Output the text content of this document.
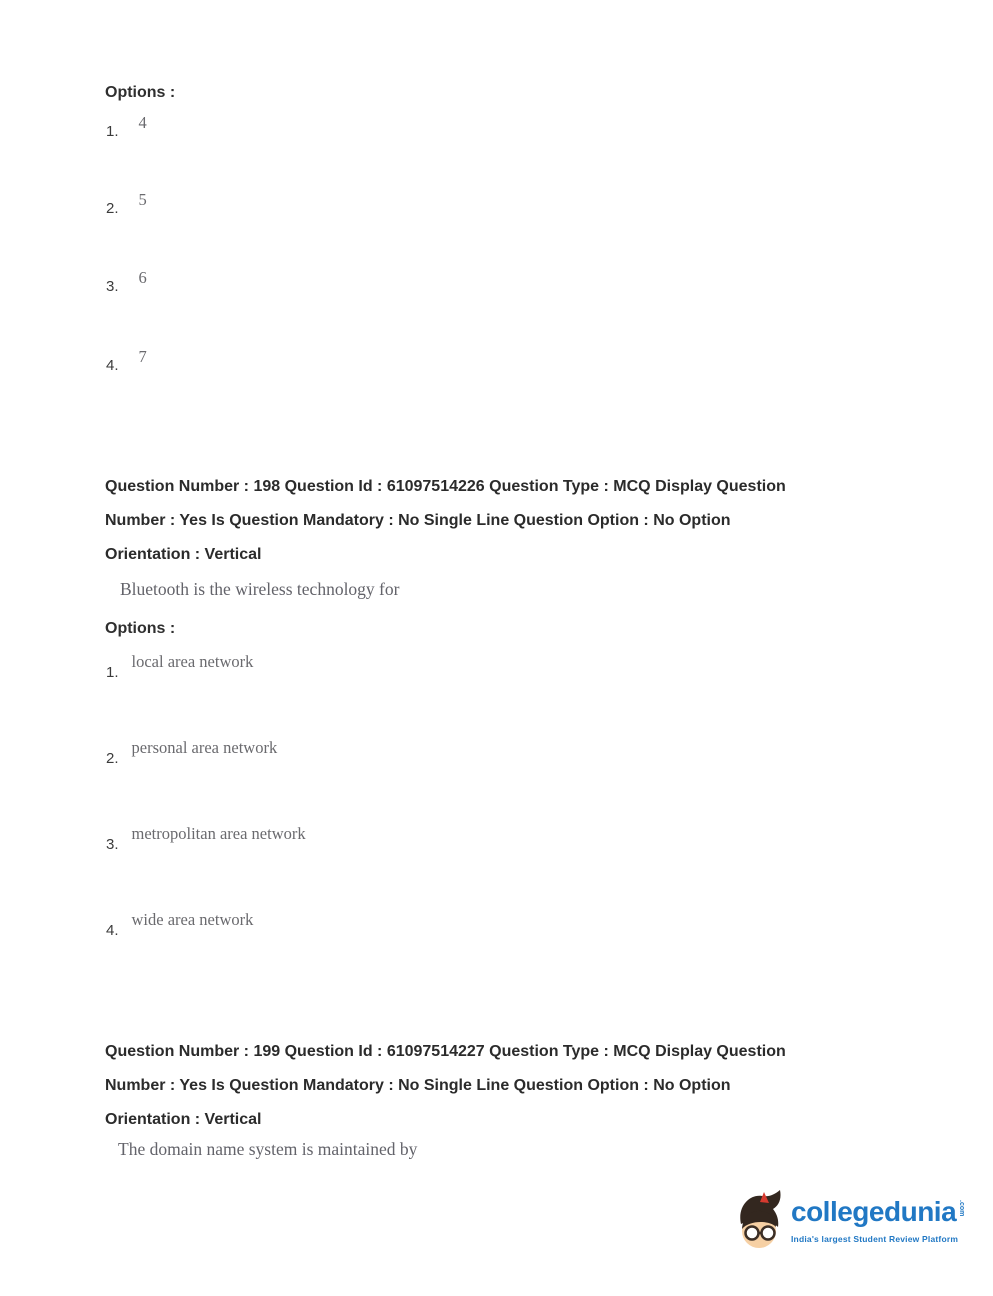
Options :
1. 4
2. 5
3. 6
4. 7
Question Number : 198 Question Id : 61097514226 Question Type : MCQ Display Question
Number : Yes Is Question Mandatory : No Single Line Question Option : No Option
Orientation : Vertical
Bluetooth is the wireless technology for
Options :
1.local area network
2.personal area network
3.metropolitan area network
4.wide area network
Question Number : 199 Question Id : 61097514227 Question Type : MCQ Display Question
Number : Yes Is Question Mandatory : No Single Line Question Option : No Option
Orientation : Vertical
The domain name system is maintained by
collegedunia .com
India's largest Student Review Platform
